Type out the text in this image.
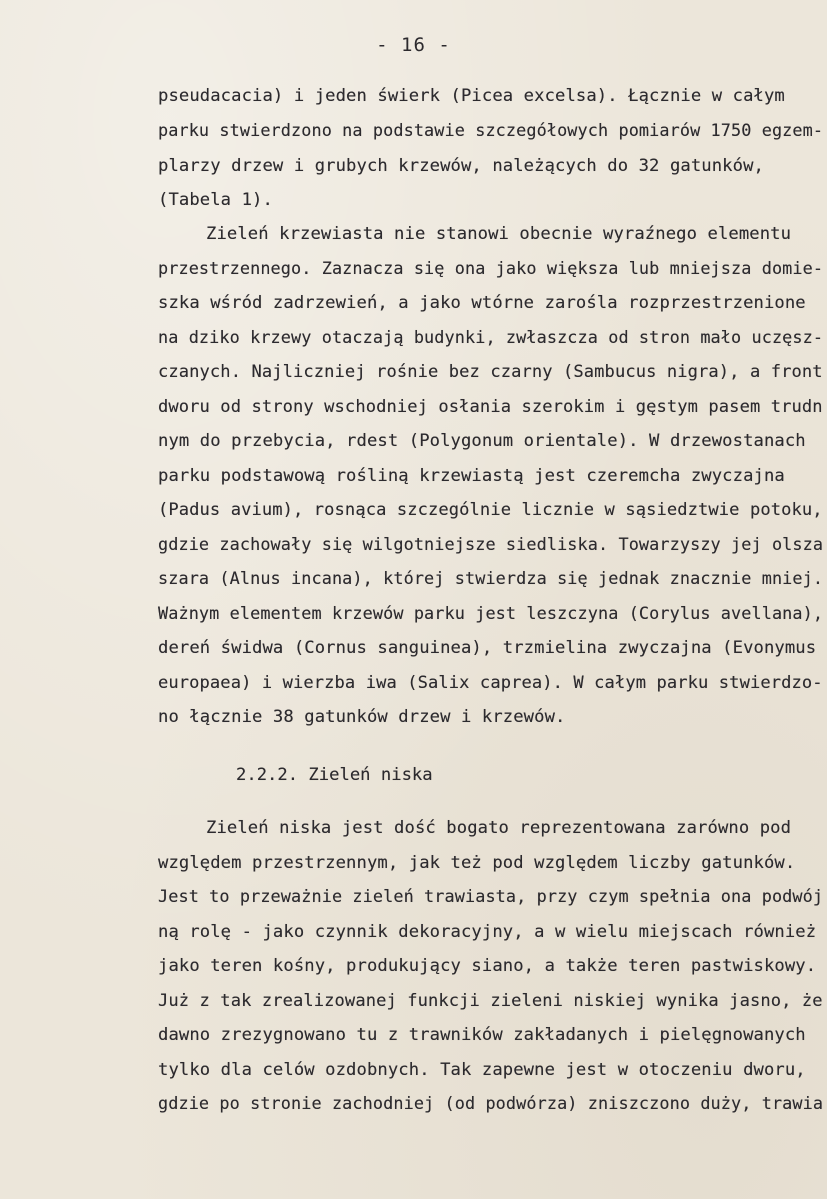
- 16 -
pseudacacia) i jeden świerk (Picea excelsa). Łącznie w całym
parku stwierdzono na podstawie szczegółowych pomiarów 1750 egzem-
plarzy drzew i grubych krzewów, należących do 32 gatunków,
(Tabela 1).
Zieleń krzewiasta nie stanowi obecnie wyraźnego elementu
przestrzennego. Zaznacza się ona jako większa lub mniejsza domie-
szka wśród zadrzewień, a jako wtórne zarośla rozprzestrzenione
na dziko krzewy otaczają budynki, zwłaszcza od stron mało uczęsz-
czanych. Najliczniej rośnie bez czarny (Sambucus nigra), a front
dworu od strony wschodniej osłania szerokim i gęstym pasem trudn
nym do przebycia, rdest (Polygonum orientale). W drzewostanach
parku podstawową rośliną krzewiastą jest czeremcha zwyczajna
(Padus avium), rosnąca szczególnie licznie w sąsiedztwie potoku,
gdzie zachowały się wilgotniejsze siedliska. Towarzyszy jej olsza
szara (Alnus incana), której stwierdza się jednak znacznie mniej.
Ważnym elementem krzewów parku jest leszczyna (Corylus avellana),
dereń świdwa (Cornus sanguinea), trzmielina zwyczajna (Evonymus
europaea) i wierzba iwa (Salix caprea). W całym parku stwierdzo-
no łącznie 38 gatunków drzew i krzewów.
2.2.2. Zieleń niska
Zieleń niska jest dość bogato reprezentowana zarówno pod
względem przestrzennym, jak też pod względem liczby gatunków.
Jest to przeważnie zieleń trawiasta, przy czym spełnia ona podwój
ną rolę - jako czynnik dekoracyjny, a w wielu miejscach również
jako teren kośny, produkujący siano, a także teren pastwiskowy.
Już z tak zrealizowanej funkcji zieleni niskiej wynika jasno, że
dawno zrezygnowano tu z trawników zakładanych i pielęgnowanych
tylko dla celów ozdobnych. Tak zapewne jest w otoczeniu dworu,
gdzie po stronie zachodniej (od podwórza) zniszczono duży, trawia
